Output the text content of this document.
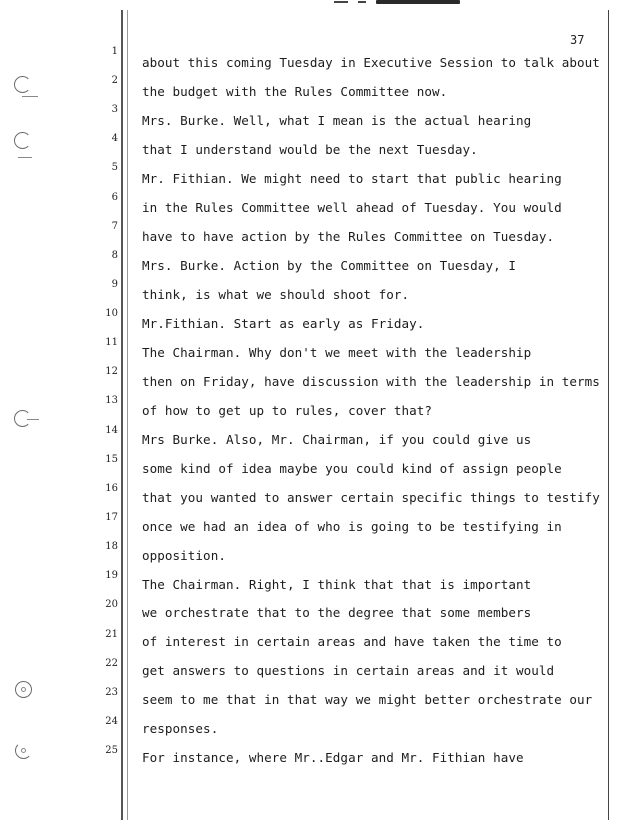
37
1
2
3
4
5
6
7
8
9
10
11
12
13
14
15
16
17
18
19
20
21
22
23
24
25
about this coming Tuesday in Executive Session to talk about
the budget with the Rules Committee now.
Mrs. Burke. Well, what I mean is the actual hearing
that I understand would be the next Tuesday.
Mr. Fithian. We might need to start that public hearing
in the Rules Committee well ahead of Tuesday. You would
have to have action by the Rules Committee on Tuesday.
Mrs. Burke. Action by the Committee on Tuesday, I
think, is what we should shoot for.
Mr.Fithian. Start as early as Friday.
The Chairman. Why don't we meet with the leadership
then on Friday, have discussion with the leadership in terms
of how to get up to rules, cover that?
Mrs Burke. Also, Mr. Chairman, if you could give us
some kind of idea maybe you could kind of assign people
that you wanted to answer certain specific things to testify
once we had an idea of who is going to be testifying in
opposition.
The Chairman. Right, I think that that is important
we orchestrate that to the degree that some members
of interest in certain areas and have taken the time to
get answers to questions in certain areas and it would
seem to me that in that way we might better orchestrate our
responses.
For instance, where Mr..Edgar and Mr. Fithian have
